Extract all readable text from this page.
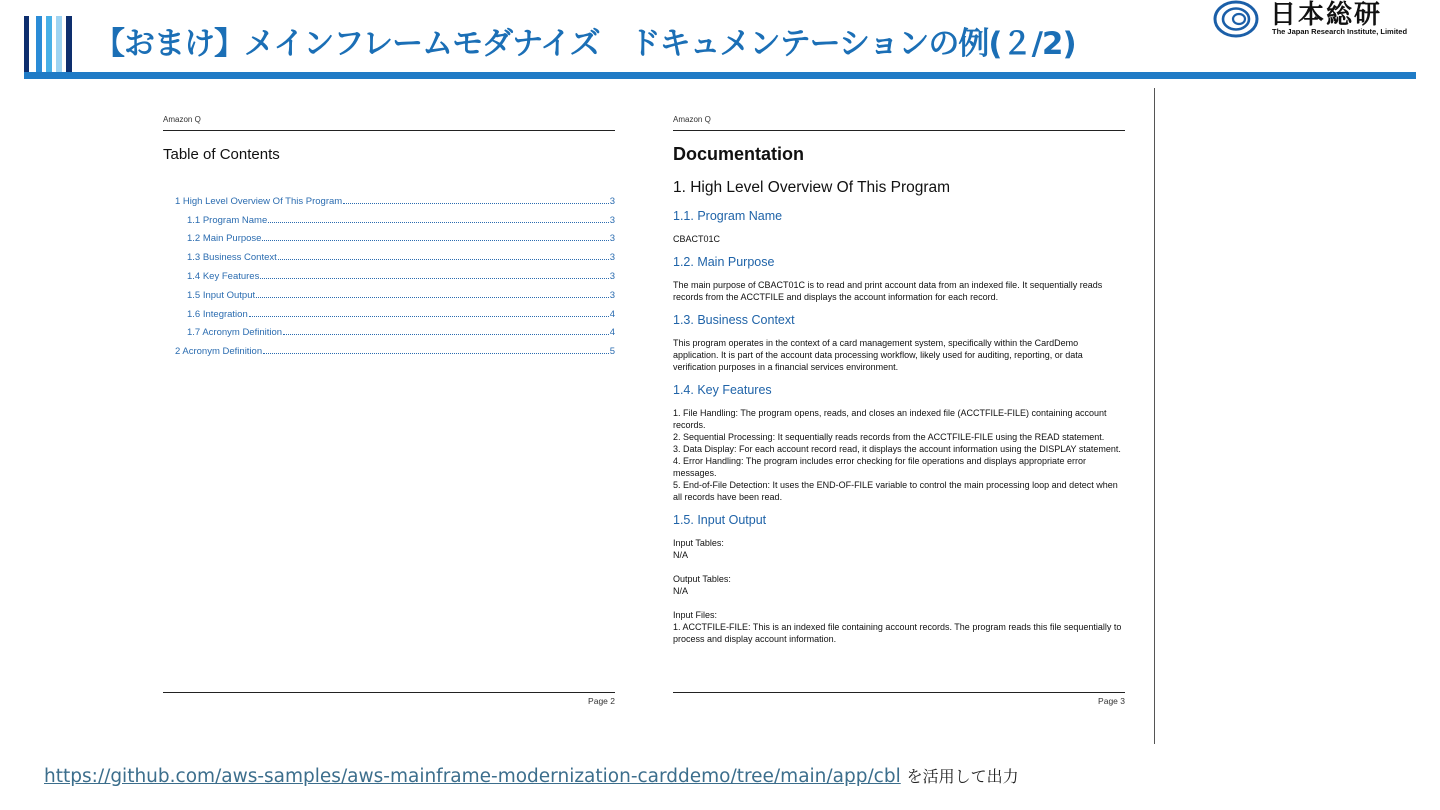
【おまけ】メインフレームモダナイズ　ドキュメンテーションの例(２/2)
日本総研
The Japan Research Institute, Limited
Amazon Q
Table of Contents
1 High Level Overview Of This Program	3
1.1 Program Name	3
1.2 Main Purpose	3
1.3 Business Context	3
1.4 Key Features	3
1.5 Input Output	3
1.6 Integration	4
1.7 Acronym Definition	4
2 Acronym Definition	5
Page 2
Amazon Q
Documentation
1. High Level Overview Of This Program
1.1. Program Name
CBACT01C
1.2. Main Purpose
The main purpose of CBACT01C is to read and print account data from an indexed file. It sequentially reads records from the ACCTFILE and displays the account information for each record.
1.3. Business Context
This program operates in the context of a card management system, specifically within the CardDemo application. It is part of the account data processing workflow, likely used for auditing, reporting, or data verification purposes in a financial services environment.
1.4. Key Features
1. File Handling: The program opens, reads, and closes an indexed file (ACCTFILE-FILE) containing account records.
2. Sequential Processing: It sequentially reads records from the ACCTFILE-FILE using the READ statement.
3. Data Display: For each account record read, it displays the account information using the DISPLAY statement.
4. Error Handling: The program includes error checking for file operations and displays appropriate error messages.
5. End-of-File Detection: It uses the END-OF-FILE variable to control the main processing loop and detect when all records have been read.
1.5. Input Output
Input Tables:
N/A
Output Tables:
N/A
Input Files:
1. ACCTFILE-FILE: This is an indexed file containing account records. The program reads this file sequentially to process and display account information.
Page 3
https://github.com/aws-samples/aws-mainframe-modernization-carddemo/tree/main/app/cbl を活用して出力
